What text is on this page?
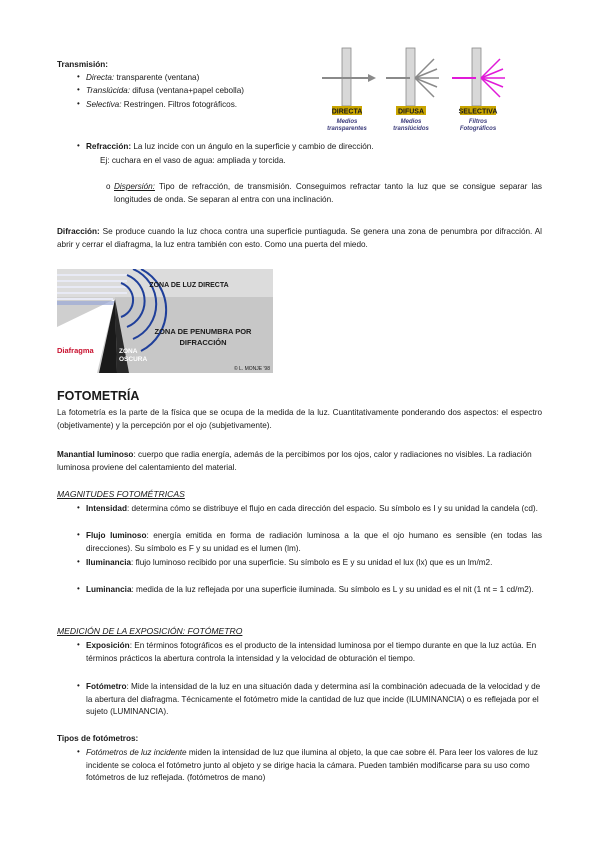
Transmisión:
• Directa: transparente (ventana)
• Translúcida: difusa (ventana+papel cebolla)
• Selectiva: Restringen. Filtros fotográficos.
DIRECTA
Medios
transparentes
DIFUSA
Medios
translúcidos
SELECTIVA
Filtros
Fotográficos
• Refracción: La luz incide con un ángulo en la superficie y cambio de dirección.
Ej: cuchara en el vaso de agua: ampliada y torcida.
o Dispersión: Tipo de refracción, de transmisión. Conseguimos refractar tanto la luz que se consigue separar las longitudes de onda. Se separan al entra con una inclinación.
Difracción: Se produce cuando la luz choca contra una superficie puntiaguda. Se genera una zona de penumbra por difracción. Al abrir y cerrar el diafragma, la luz entra también con esto. Como una puerta del miedo.
Diafragma	ZONA
OSCURA
ZONA DE LUZ DIRECTA
ZONA DE PENUMBRA POR
DIFRACCIÓN
© L. MONJE '98
FOTOMETRÍA
La fotometría es la parte de la física que se ocupa de la medida de la luz. Cuantitativamente ponderando dos aspectos: el espectro (objetivamente) y la percepción por el ojo (subjetivamente).
Manantial luminoso: cuerpo que radia energía, además de la percibimos por los ojos, calor y radiaciones no visibles. La radiación luminosa proviene del calentamiento del material.
MAGNITUDES FOTOMÉTRICAS
• Intensidad: determina cómo se distribuye el flujo en cada dirección del espacio. Su símbolo es I y su unidad la candela (cd).
• Flujo luminoso: energía emitida en forma de radiación luminosa a la que el ojo humano es sensible (en todas las direcciones). Su símbolo es F y su unidad es el lumen (lm).
• Iluminancia: flujo luminoso recibido por una superficie. Su símbolo es E y su unidad el lux (lx) que es un lm/m2.
• Luminancia: medida de la luz reflejada por una superficie iluminada. Su símbolo es L y su unidad es el nit (1 nt = 1 cd/m2).
MEDICIÓN DE LA EXPOSICIÓN: FOTÓMETRO
• Exposición: En términos fotográficos es el producto de la intensidad luminosa por el tiempo durante en que la luz actúa. En términos prácticos la abertura controla la intensidad y la velocidad de obturación el tiempo.
• Fotómetro: Mide la intensidad de la luz en una situación dada y determina así la combinación adecuada de la velocidad y de la abertura del diafragma. Técnicamente el fotómetro mide la cantidad de luz que incide (ILUMINANCIA) o es reflejada por el sujeto (LUMINANCIA).
Tipos de fotómetros:
• Fotómetros de luz incidente miden la intensidad de luz que ilumina al objeto, la que cae sobre él. Para leer los valores de luz incidente se coloca el fotómetro junto al objeto y se dirige hacia la cámara. Pueden también modificarse para su uso como fotómetros de luz reflejada. (fotómetros de mano)
